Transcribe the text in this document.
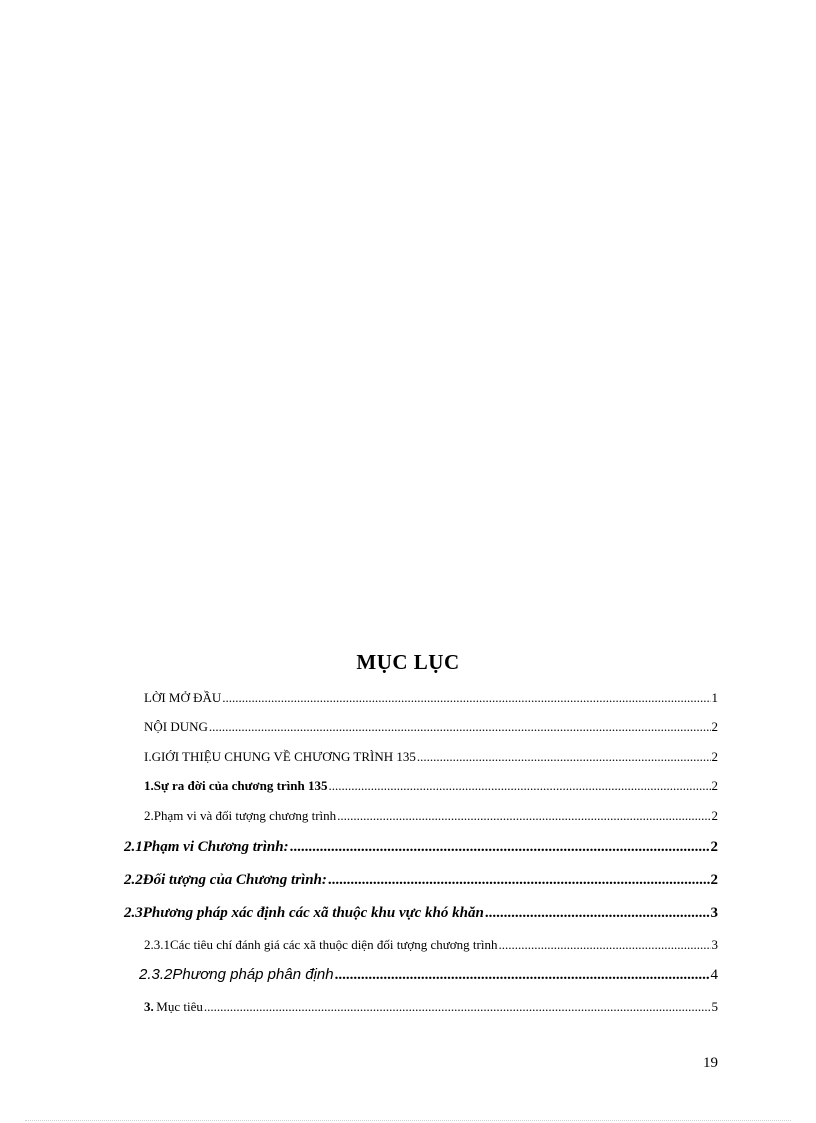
MỤC LỤC
LỜI MỞ ĐẦU .....	1
NỘI DUNG .....	2
I. GIỚI THIỆU CHUNG VỀ CHƯƠNG TRÌNH 135 .....	2
1. Sự ra đời của chương trình 135 .....	2
2. Phạm vi và đối tượng chương trình .....	2
2.1 Phạm vi Chương trình: .....	2
2.2 Đối tượng của Chương trình: .....	2
2.3 Phương pháp xác định các xã thuộc khu vực khó khăn .....	3
2.3.1 Các tiêu chí đánh giá các xã thuộc diện đối tượng chương trình .....	3
2.3.2 Phương pháp phân định .....	4
3. Mục tiêu .....	5
19
